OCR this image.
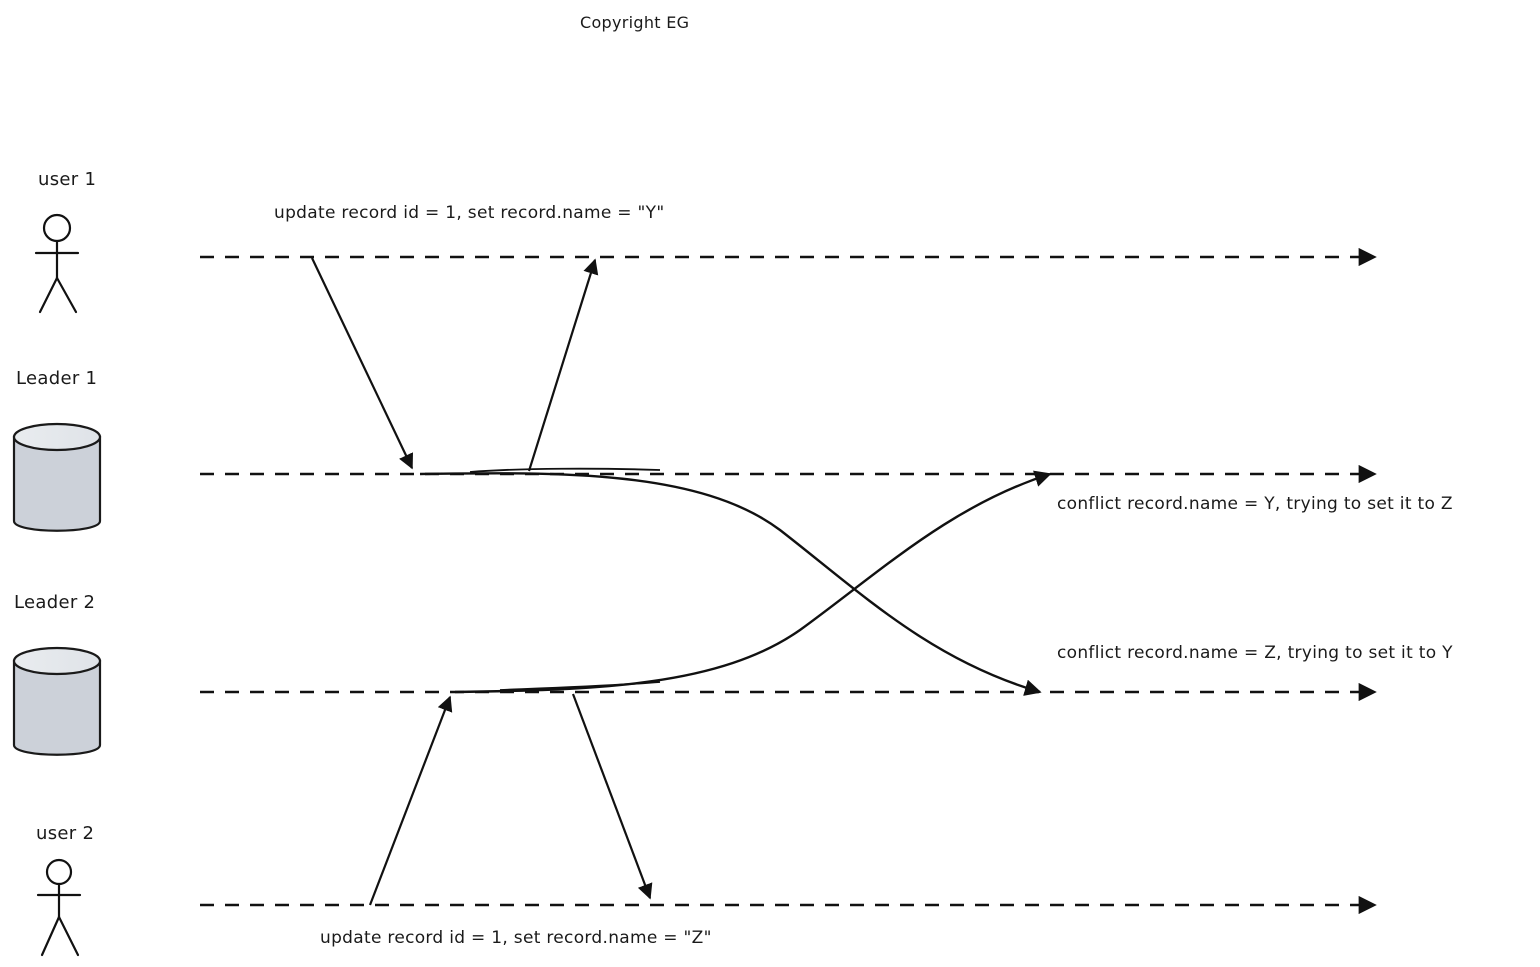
Copyright EG
user 1
Leader 1
Leader 2
user 2
update record id = 1, set record.name = "Y"
conflict record.name = Y, trying to set it to Z
conflict record.name = Z, trying to set it to Y
update record id = 1, set record.name = "Z"
